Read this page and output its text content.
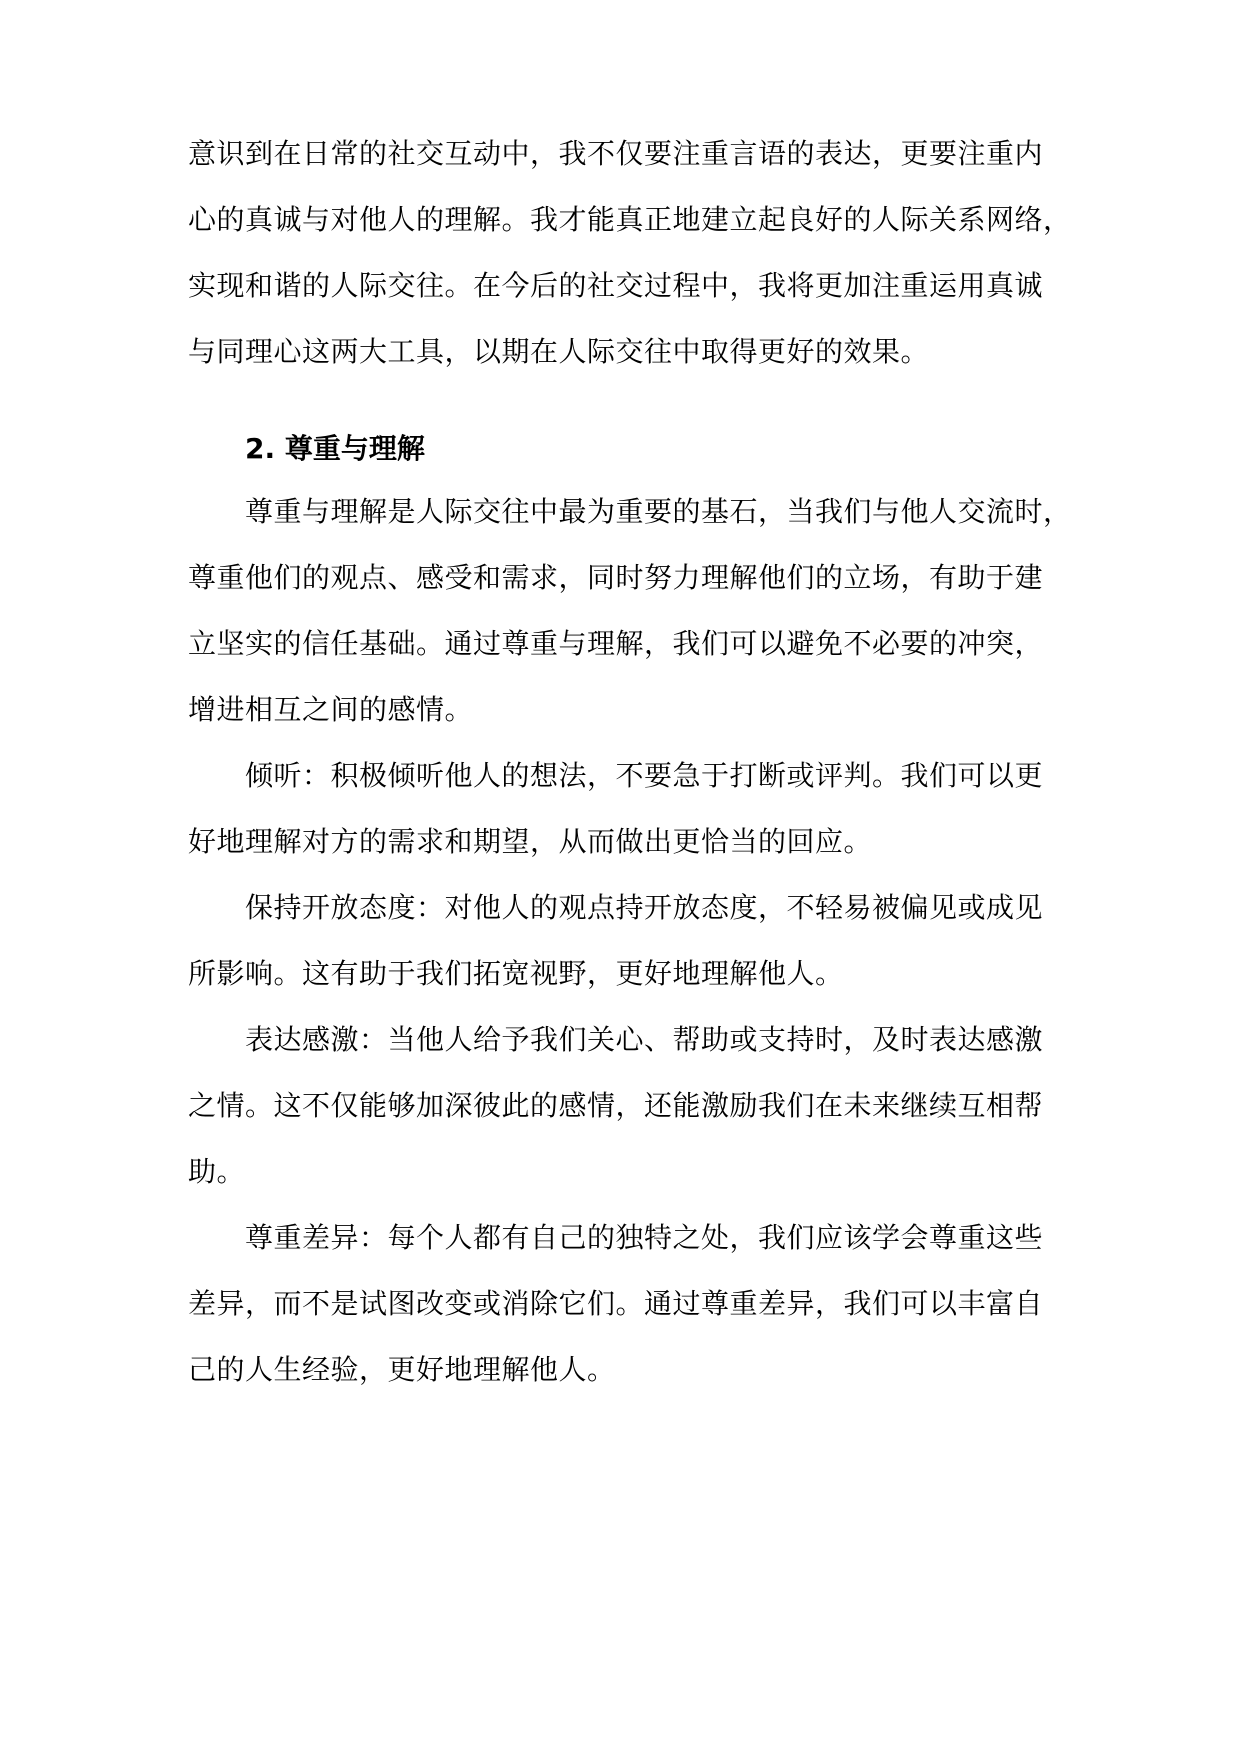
意识到在日常的社交互动中，我不仅要注重言语的表达，更要注重内
心的真诚与对他人的理解。我才能真正地建立起良好的人际关系网络，
实现和谐的人际交往。在今后的社交过程中，我将更加注重运用真诚
与同理心这两大工具，以期在人际交往中取得更好的效果。
2. 尊重与理解
尊重与理解是人际交往中最为重要的基石，当我们与他人交流时，
尊重他们的观点、感受和需求，同时努力理解他们的立场，有助于建
立坚实的信任基础。通过尊重与理解，我们可以避免不必要的冲突，
增进相互之间的感情。
倾听：积极倾听他人的想法，不要急于打断或评判。我们可以更
好地理解对方的需求和期望，从而做出更恰当的回应。
保持开放态度：对他人的观点持开放态度，不轻易被偏见或成见
所影响。这有助于我们拓宽视野，更好地理解他人。
表达感激：当他人给予我们关心、帮助或支持时，及时表达感激
之情。这不仅能够加深彼此的感情，还能激励我们在未来继续互相帮
助。
尊重差异：每个人都有自己的独特之处，我们应该学会尊重这些
差异，而不是试图改变或消除它们。通过尊重差异，我们可以丰富自
己的人生经验，更好地理解他人。
